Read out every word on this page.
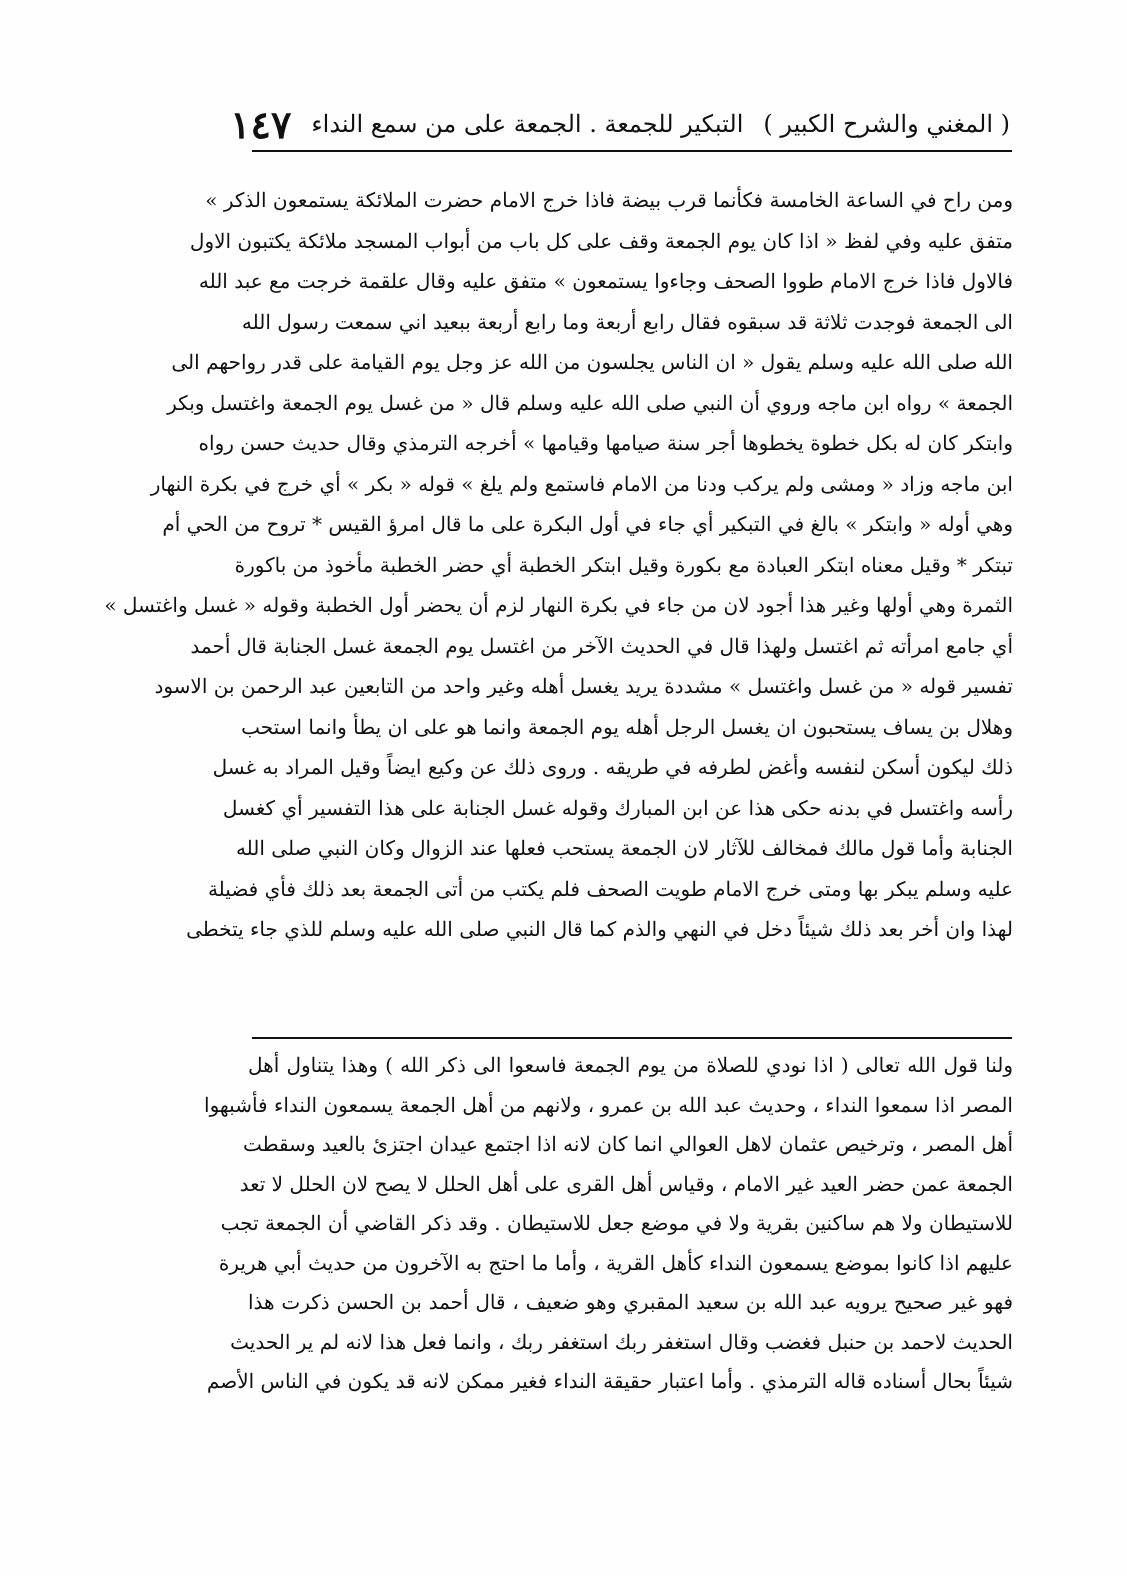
( المغني والشرح الكبير )
التبكير للجمعة . الجمعة على من سمع النداء
١٤٧
ومن راح في الساعة الخامسة فكأنما قرب بيضة فاذا خرج الامام حضرت الملائكة يستمعون الذكر »
متفق عليه وفي لفظ « اذا كان يوم الجمعة وقف على كل باب من أبواب المسجد ملائكة يكتبون الاول
فالاول فاذا خرج الامام طووا الصحف وجاءوا يستمعون » متفق عليه وقال علقمة خرجت مع عبد الله
الى الجمعة فوجدت ثلاثة قد سبقوه فقال رابع أربعة وما رابع أربعة ببعيد اني سمعت رسول الله
الله صلى الله عليه وسلم يقول « ان الناس يجلسون من الله عز وجل يوم القيامة على قدر رواحهم الى
الجمعة » رواه ابن ماجه وروي أن النبي صلى الله عليه وسلم قال « من غسل يوم الجمعة واغتسل وبكر
وابتكر كان له بكل خطوة يخطوها أجر سنة صيامها وقيامها » أخرجه الترمذي وقال حديث حسن رواه
ابن ماجه وزاد « ومشى ولم يركب ودنا من الامام فاستمع ولم يلغ » قوله « بكر » أي خرج في بكرة النهار
وهي أوله « وابتكر » بالغ في التبكير أي جاء في أول البكرة على ما قال امرؤ القيس * تروح من الحي أم
تبتكر * وقيل معناه ابتكر العبادة مع بكورة وقيل ابتكر الخطبة أي حضر الخطبة مأخوذ من باكورة
الثمرة وهي أولها وغير هذا أجود لان من جاء في بكرة النهار لزم أن يحضر أول الخطبة وقوله « غسل واغتسل »
أي جامع امرأته ثم اغتسل ولهذا قال في الحديث الآخر من اغتسل يوم الجمعة غسل الجنابة قال أحمد
تفسير قوله « من غسل واغتسل » مشددة يريد يغسل أهله وغير واحد من التابعين عبد الرحمن بن الاسود
وهلال بن يساف يستحبون ان يغسل الرجل أهله يوم الجمعة وانما هو على ان يطأ وانما استحب
ذلك ليكون أسكن لنفسه وأغض لطرفه في طريقه . وروى ذلك عن وكيع ايضاً وقيل المراد به غسل
رأسه واغتسل في بدنه حكى هذا عن ابن المبارك وقوله غسل الجنابة على هذا التفسير أي كغسل
الجنابة وأما قول مالك فمخالف للآثار لان الجمعة يستحب فعلها عند الزوال وكان النبي صلى الله
عليه وسلم يبكر بها ومتى خرج الامام طويت الصحف فلم يكتب من أتى الجمعة بعد ذلك فأي فضيلة
لهذا وان أخر بعد ذلك شيئاً دخل في النهي والذم كما قال النبي صلى الله عليه وسلم للذي جاء يتخطى
ولنا قول الله تعالى ( اذا نودي للصلاة من يوم الجمعة فاسعوا الى ذكر الله ) وهذا يتناول أهل
المصر اذا سمعوا النداء ، وحديث عبد الله بن عمرو ، ولانهم من أهل الجمعة يسمعون النداء فأشبهوا
أهل المصر ، وترخيص عثمان لاهل العوالي انما كان لانه اذا اجتمع عيدان اجتزئ بالعيد وسقطت
الجمعة عمن حضر العيد غير الامام ، وقياس أهل القرى على أهل الحلل لا يصح لان الحلل لا تعد
للاستيطان ولا هم ساكنين بقرية ولا في موضع جعل للاستيطان . وقد ذكر القاضي أن الجمعة تجب
عليهم اذا كانوا بموضع يسمعون النداء كأهل القرية ، وأما ما احتج به الآخرون من حديث أبي هريرة
فهو غير صحيح يرويه عبد الله بن سعيد المقبري وهو ضعيف ، قال أحمد بن الحسن ذكرت هذا
الحديث لاحمد بن حنبل فغضب وقال استغفر ربك استغفر ربك ، وانما فعل هذا لانه لم ير الحديث
شيئاً بحال أسناده قاله الترمذي . وأما اعتبار حقيقة النداء فغير ممكن لانه قد يكون في الناس الأصم
